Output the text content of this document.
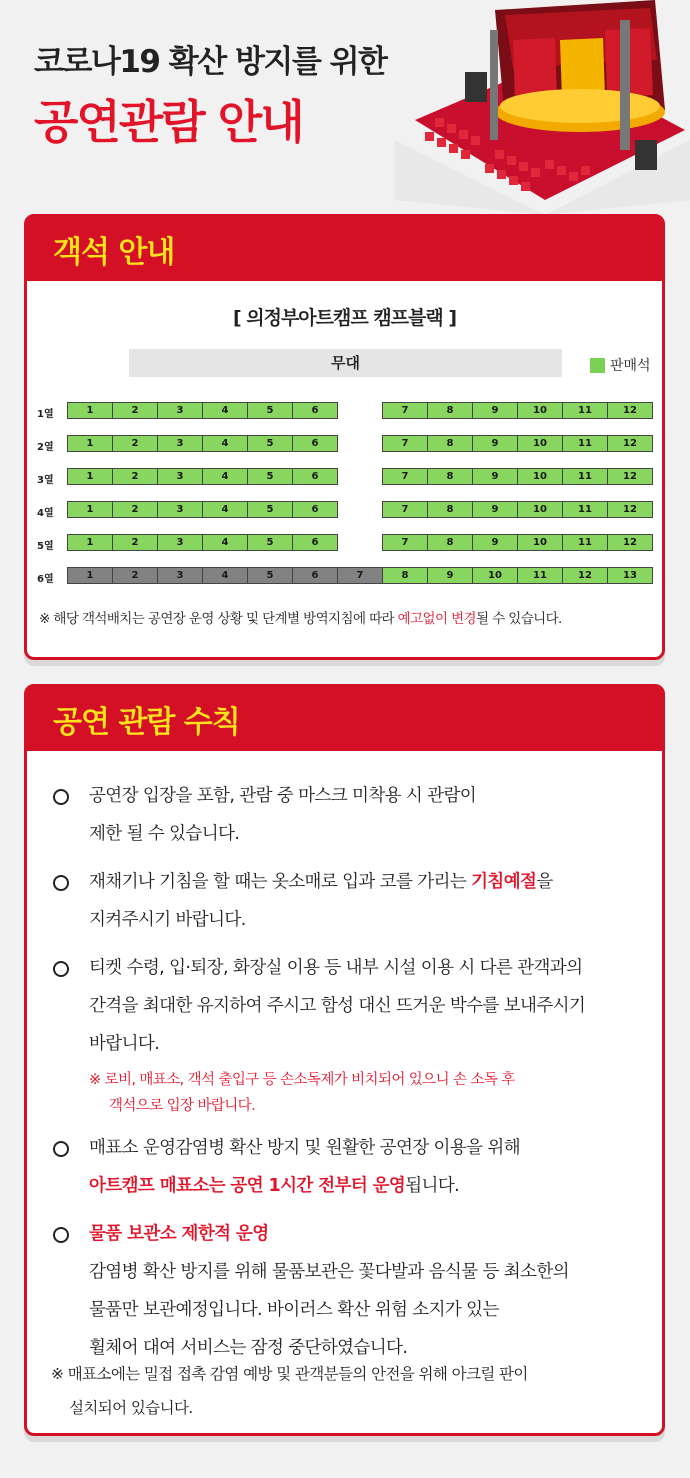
코로나19 확산 방지를 위한
공연관람 안내
객석 안내
[ 의정부아트캠프 캠프블랙 ]
무대	판매석
1열	1	2	3	4	5	6	7	8	9	10	11	12
2열	1	2	3	4	5	6	7	8	9	10	11	12
3열	1	2	3	4	5	6	7	8	9	10	11	12
4열	1	2	3	4	5	6	7	8	9	10	11	12
5열	1	2	3	4	5	6	7	8	9	10	11	12
6열	1	2	3	4	5	6	7	8	9	10	11	12	13
※ 해당 객석배치는 공연장 운영 상황 및 단계별 방역지침에 따라 예고없이 변경될 수 있습니다.
공연 관람 수칙
공연장 입장을 포함, 관람 중 마스크 미착용 시 관람이
제한 될 수 있습니다.
재채기나 기침을 할 때는 옷소매로 입과 코를 가리는 기침예절을
지켜주시기 바랍니다.
티켓 수령, 입·퇴장, 화장실 이용 등 내부 시설 이용 시 다른 관객과의
간격을 최대한 유지하여 주시고 함성 대신 뜨거운 박수를 보내주시기
바랍니다.
※ 로비, 매표소, 객석 출입구 등 손소독제가 비치되어 있으니 손 소독 후
객석으로 입장 바랍니다.
매표소 운영감염병 확산 방지 및 원활한 공연장 이용을 위해
아트캠프 매표소는 공연 1시간 전부터 운영됩니다.
물품 보관소 제한적 운영
감염병 확산 방지를 위해 물품보관은 꽃다발과 음식물 등 최소한의
물품만 보관예정입니다. 바이러스 확산 위험 소지가 있는
휠체어 대여 서비스는 잠정 중단하였습니다.
※ 매표소에는 밀접 접촉 감염 예방 및 관객분들의 안전을 위해 아크릴 판이
설치되어 있습니다.
